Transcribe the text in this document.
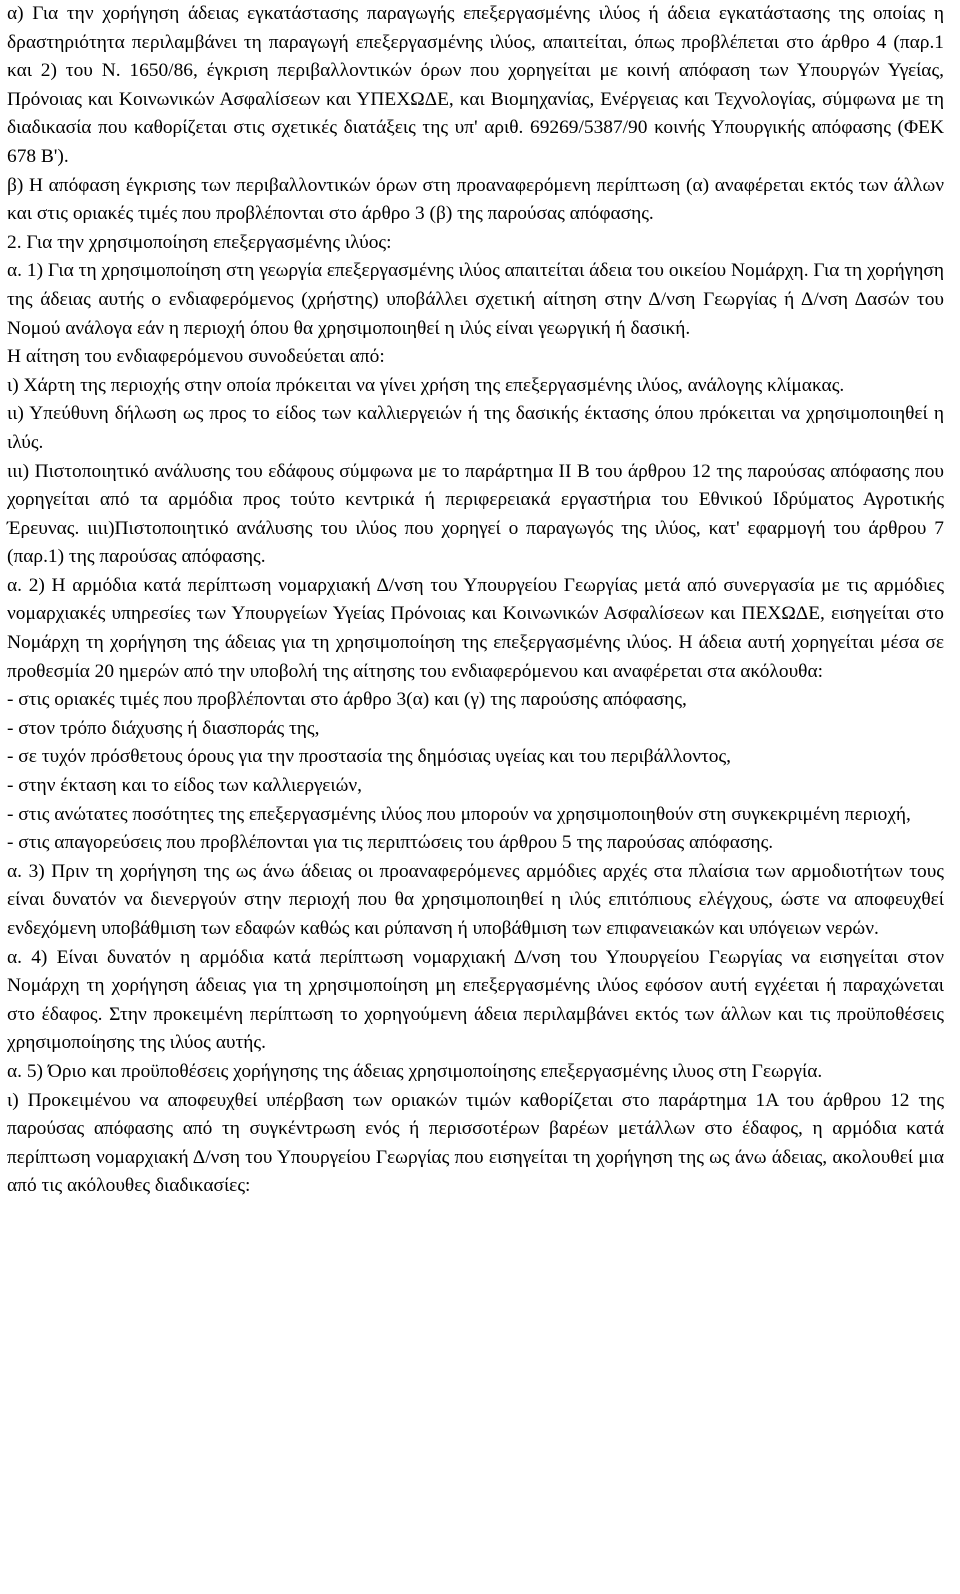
α) Για την χορήγηση άδειας εγκατάστασης παραγωγής επεξεργασμένης ιλύος ή άδεια εγκατάστασης της οποίας η δραστηριότητα περιλαμβάνει τη παραγωγή επεξεργασμένης ιλύος, απαιτείται, όπως προβλέπεται στο άρθρο 4 (παρ.1 και 2) του Ν. 1650/86, έγκριση περιβαλλοντικών όρων που χορηγείται με κοινή απόφαση των Υπουργών Υγείας, Πρόνοιας και Κοινωνικών Ασφαλίσεων και ΥΠΕΧΩΔΕ, και Βιομηχανίας, Ενέργειας και Τεχνολογίας, σύμφωνα με τη διαδικασία που καθορίζεται στις σχετικές διατάξεις της υπ' αριθ. 69269/5387/90 κοινής Υπουργικής απόφασης (ΦΕΚ 678 Β').

β) Η απόφαση έγκρισης των περιβαλλοντικών όρων στη προαναφερόμενη περίπτωση (α) αναφέρεται εκτός των άλλων και στις οριακές τιμές που προβλέπονται στο άρθρο 3 (β) της παρούσας απόφασης.

2. Για την χρησιμοποίηση επεξεργασμένης ιλύος:

α. 1) Για τη χρησιμοποίηση στη γεωργία επεξεργασμένης ιλύος απαιτείται άδεια του οικείου Νομάρχη. Για τη χορήγηση της άδειας αυτής ο ενδιαφερόμενος (χρήστης) υποβάλλει σχετική αίτηση στην Δ/νση Γεωργίας ή Δ/νση Δασών του Νομού ανάλογα εάν η περιοχή όπου θα χρησιμοποιηθεί η ιλύς είναι γεωργική ή δασική.

Η αίτηση του ενδιαφερόμενου συνοδεύεται από:

ι) Χάρτη της περιοχής στην οποία πρόκειται να γίνει χρήση της επεξεργασμένης ιλύος, ανάλογης κλίμακας.

ιι) Υπεύθυνη δήλωση ως προς το είδος των καλλιεργειών ή της δασικής έκτασης όπου πρόκειται να χρησιμοποιηθεί η ιλύς.

ιιι) Πιστοποιητικό ανάλυσης του εδάφους σύμφωνα με το παράρτημα ΙΙ Β του άρθρου 12 της παρούσας απόφασης που χορηγείται από τα αρμόδια προς τούτο κεντρικά ή περιφερειακά εργαστήρια του Εθνικού Ιδρύματος Αγροτικής Έρευνας. ιιιι)Πιστοποιητικό ανάλυσης του ιλύος που χορηγεί ο παραγωγός της ιλύος, κατ' εφαρμογή του άρθρου 7 (παρ.1) της παρούσας απόφασης.

α. 2) Η αρμόδια κατά περίπτωση νομαρχιακή Δ/νση του Υπουργείου Γεωργίας μετά από συνεργασία με τις αρμόδιες νομαρχιακές υπηρεσίες των Υπουργείων Υγείας Πρόνοιας και Κοινωνικών Ασφαλίσεων και ΠΕΧΩΔΕ, εισηγείται στο Νομάρχη τη χορήγηση της άδειας για τη χρησιμοποίηση της επεξεργασμένης ιλύος. Η άδεια αυτή χορηγείται μέσα σε προθεσμία 20 ημερών από την υποβολή της αίτησης του ενδιαφερόμενου και αναφέρεται στα ακόλουθα:

- στις οριακές τιμές που προβλέπονται στο άρθρο 3(α) και (γ) της παρούσης απόφασης,

- στον τρόπο διάχυσης ή διασποράς της,

- σε τυχόν πρόσθετους όρους για την προστασία της δημόσιας υγείας και του περιβάλλοντος,

- στην έκταση και το είδος των καλλιεργειών,

- στις ανώτατες ποσότητες της επεξεργασμένης ιλύος που μπορούν να χρησιμοποιηθούν στη συγκεκριμένη περιοχή,

- στις απαγορεύσεις που προβλέπονται για τις περιπτώσεις του άρθρου 5 της παρούσας απόφασης.

α. 3) Πριν τη χορήγηση της ως άνω άδειας οι προαναφερόμενες αρμόδιες αρχές στα πλαίσια των αρμοδιοτήτων τους είναι δυνατόν να διενεργούν στην περιοχή που θα χρησιμοποιηθεί η ιλύς επιτόπιους ελέγχους, ώστε να αποφευχθεί ενδεχόμενη υποβάθμιση των εδαφών καθώς και ρύπανση ή υποβάθμιση των επιφανειακών και υπόγειων νερών.

α. 4) Είναι δυνατόν η αρμόδια κατά περίπτωση νομαρχιακή Δ/νση του Υπουργείου Γεωργίας να εισηγείται στον Νομάρχη τη χορήγηση άδειας για τη χρησιμοποίηση μη επεξεργασμένης ιλύος εφόσον αυτή εγχέεται ή παραχώνεται στο έδαφος. Στην προκειμένη περίπτωση το χορηγούμενη άδεια περιλαμβάνει εκτός των άλλων και τις προϋποθέσεις χρησιμοποίησης της ιλύος αυτής.

α. 5) Όριο και προϋποθέσεις χορήγησης της άδειας χρησιμοποίησης επεξεργασμένης ιλυος στη Γεωργία.

ι) Προκειμένου να αποφευχθεί υπέρβαση των οριακών τιμών καθορίζεται στο παράρτημα 1Α του άρθρου 12 της παρούσας απόφασης από τη συγκέντρωση ενός ή περισσοτέρων βαρέων μετάλλων στο έδαφος, η αρμόδια κατά περίπτωση νομαρχιακή Δ/νση του Υπουργείου Γεωργίας που εισηγείται τη χορήγηση της ως άνω άδειας, ακολουθεί μια από τις ακόλουθες διαδικασίες:
